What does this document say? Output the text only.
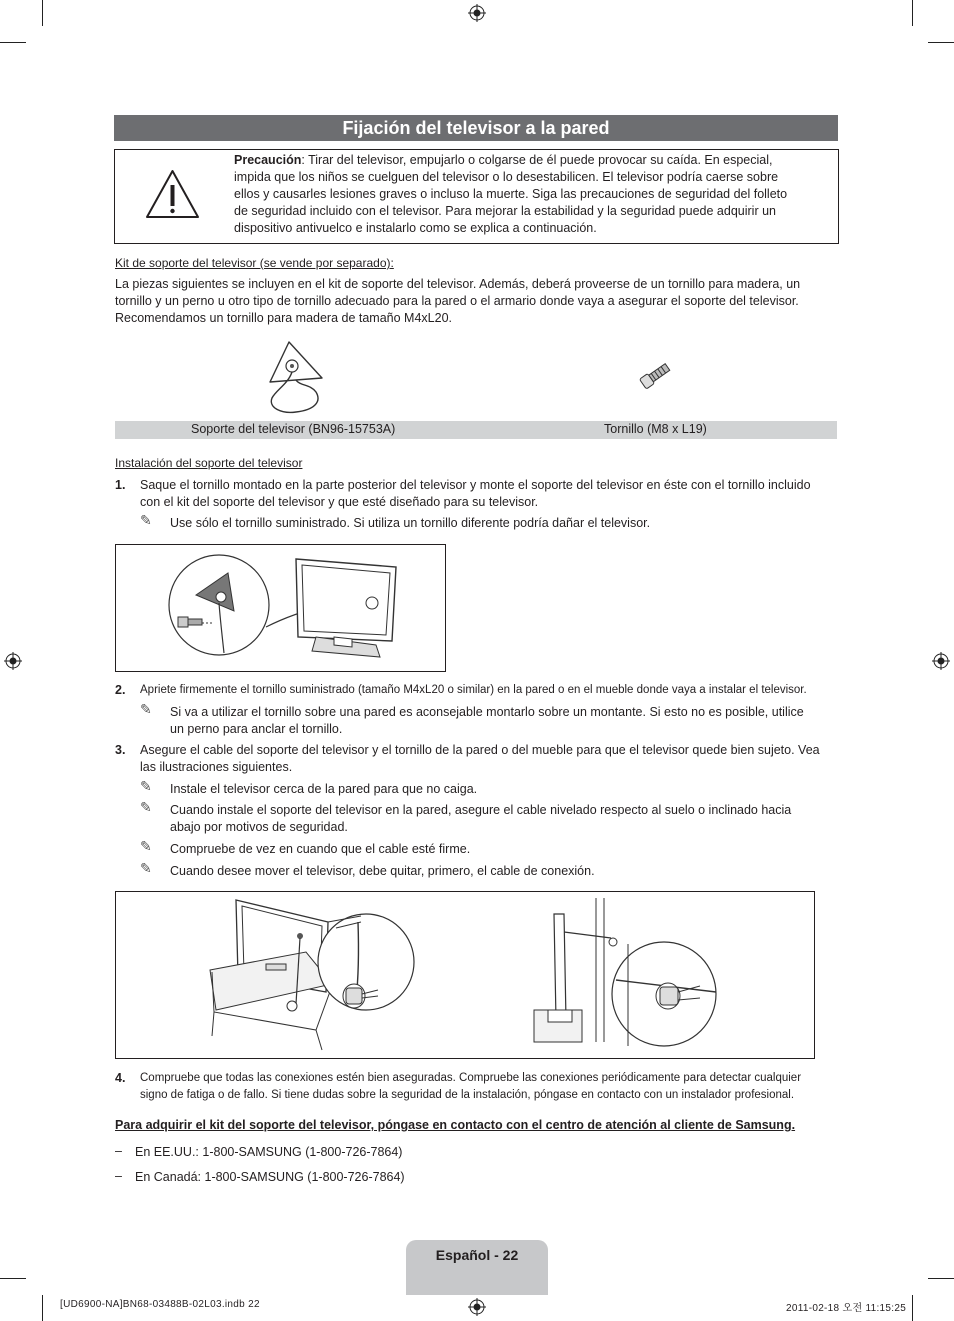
Fijación del televisor a la pared
Precaución: Tirar del televisor, empujarlo o colgarse de él puede provocar su caída. En especial,
impida que los niños se cuelguen del televisor o lo desestabilicen. El televisor podría caerse sobre
ellos y causarles lesiones graves o incluso la muerte. Siga las precauciones de seguridad del folleto
de seguridad incluido con el televisor. Para mejorar la estabilidad y la seguridad puede adquirir un
dispositivo antivuelco e instalarlo como se explica a continuación.
Kit de soporte del televisor (se vende por separado):
La piezas siguientes se incluyen en el kit de soporte del televisor. Además, deberá proveerse de un tornillo para madera, un
tornillo y un perno u otro tipo de tornillo adecuado para la pared o el armario donde vaya a asegurar el soporte del televisor.
Recomendamos un tornillo para madera de tamaño M4xL20.
Soporte del televisor (BN96-15753A)	Tornillo (M8 x L19)
Instalación del soporte del televisor
1. Saque el tornillo montado en la parte posterior del televisor y monte el soporte del televisor en éste con el tornillo incluido
con el kit del soporte del televisor y que esté diseñado para su televisor.
✎ Use sólo el tornillo suministrado. Si utiliza un tornillo diferente podría dañar el televisor.
2. Apriete firmemente el tornillo suministrado (tamaño M4xL20 o similar) en la pared o en el mueble donde vaya a instalar el televisor.
✎ Si va a utilizar el tornillo sobre una pared es aconsejable montarlo sobre un montante. Si esto no es posible, utilice
un perno para anclar el tornillo.
3. Asegure el cable del soporte del televisor y el tornillo de la pared o del mueble para que el televisor quede bien sujeto. Vea
las ilustraciones siguientes.
✎ Instale el televisor cerca de la pared para que no caiga.
✎ Cuando instale el soporte del televisor en la pared, asegure el cable nivelado respecto al suelo o inclinado hacia
abajo por motivos de seguridad.
✎ Compruebe de vez en cuando que el cable esté firme.
✎ Cuando desee mover el televisor, debe quitar, primero, el cable de conexión.
4. Compruebe que todas las conexiones estén bien aseguradas. Compruebe las conexiones periódicamente para detectar cualquier
signo de fatiga o de fallo. Si tiene dudas sobre la seguridad de la instalación, póngase en contacto con un instalador profesional.
Para adquirir el kit del soporte del televisor, póngase en contacto con el centro de atención al cliente de Samsung.
– En EE.UU.: 1-800-SAMSUNG (1-800-726-7864)
– En Canadá: 1-800-SAMSUNG (1-800-726-7864)
Español - 22
[UD6900-NA]BN68-03488B-02L03.indb 22	2011-02-18 오전 11:15:25
